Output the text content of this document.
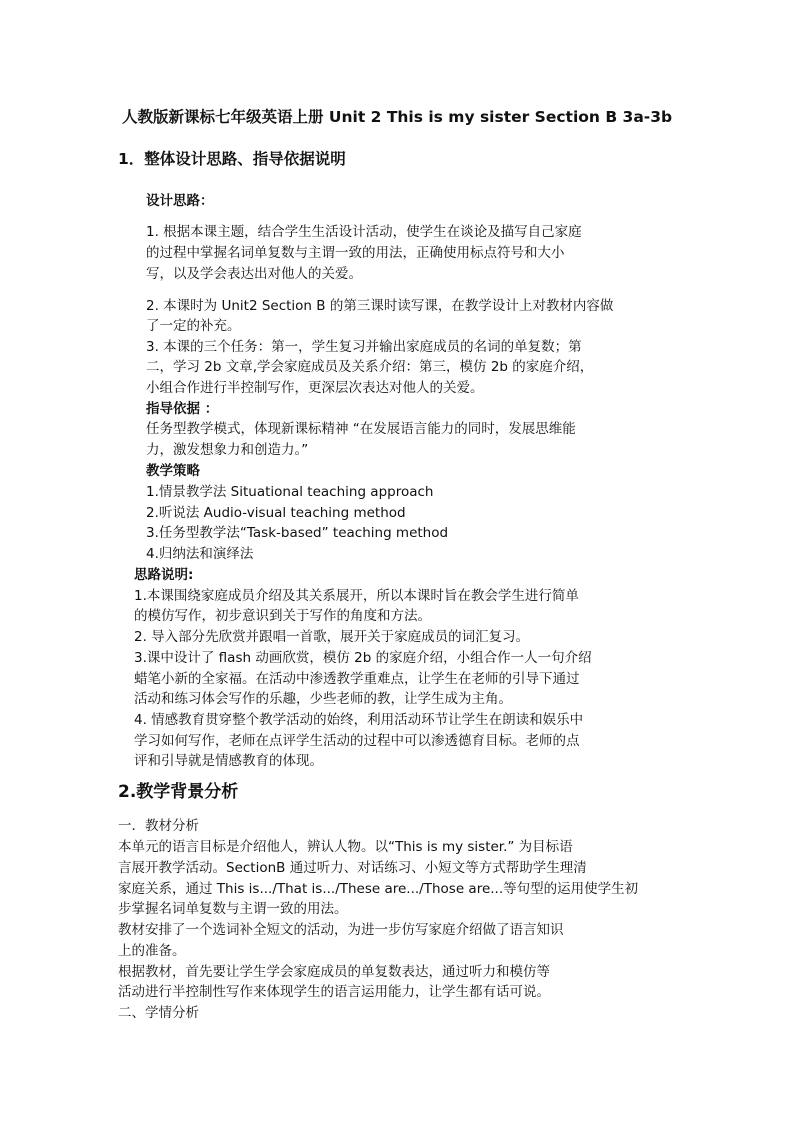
人教版新课标七年级英语上册 Unit 2 This is my sister Section B 3a-3b
1．整体设计思路、指导依据说明
设计思路：
1. 根据本课主题，结合学生生活设计活动，使学生在谈论及描写自己家庭
的过程中掌握名词单复数与主谓一致的用法，正确使用标点符号和大小
写，以及学会表达出对他人的关爱。
2. 本课时为 Unit2 Section B 的第三课时读写课，在教学设计上对教材内容做
了一定的补充。
3. 本课的三个任务：第一，学生复习并输出家庭成员的名词的单复数；第
二，学习 2b 文章,学会家庭成员及关系介绍：第三，模仿 2b 的家庭介绍，
小组合作进行半控制写作，更深层次表达对他人的关爱。
指导依据 ：
任务型教学模式，体现新课标精神 “在发展语言能力的同时，发展思维能
力，激发想象力和创造力。”
教学策略
1.情景教学法 Situational teaching approach
2.听说法 Audio-visual teaching method
3.任务型教学法“Task-based” teaching method
4.归纳法和演绎法
思路说明:
1.本课围绕家庭成员介绍及其关系展开，所以本课时旨在教会学生进行简单
的模仿写作，初步意识到关于写作的角度和方法。
2. 导入部分先欣赏并跟唱一首歌，展开关于家庭成员的词汇复习。
3.课中设计了 flash 动画欣赏，模仿 2b 的家庭介绍，小组合作一人一句介绍
蜡笔小新的全家福。在活动中渗透教学重难点，让学生在老师的引导下通过
活动和练习体会写作的乐趣，少些老师的教，让学生成为主角。
4. 情感教育贯穿整个教学活动的始终，利用活动环节让学生在朗读和娱乐中
学习如何写作，老师在点评学生活动的过程中可以渗透德育目标。老师的点
评和引导就是情感教育的体现。
2.教学背景分析
一．教材分析
本单元的语言目标是介绍他人，辨认人物。以“This is my sister.” 为目标语
言展开教学活动。SectionB 通过听力、对话练习、小短文等方式帮助学生理清
家庭关系，通过 This is.../That is.../These are.../Those are...等句型的运用使学生初
步掌握名词单复数与主谓一致的用法。
教材安排了一个选词补全短文的活动，为进一步仿写家庭介绍做了语言知识
上的准备。
根据教材，首先要让学生学会家庭成员的单复数表达，通过听力和模仿等
活动进行半控制性写作来体现学生的语言运用能力，让学生都有话可说。
二、学情分析
